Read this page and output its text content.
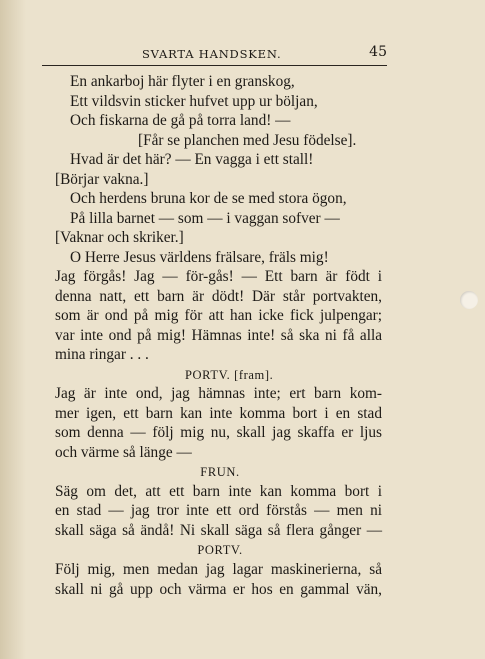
SVARTA HANDSKEN.	45
En ankarboj här flyter i en granskog,
Ett vildsvin sticker hufvet upp ur böljan,
Och fiskarna de gå på torra land! —
[Får se planchen med Jesu födelse].
Hvad är det här? — En vagga i ett stall!
[Börjar vakna.]
Och herdens bruna kor de se med stora ögon,
På lilla barnet — som — i vaggan sofver —
[Vaknar och skriker.]
O Herre Jesus världens frälsare, fräls mig!
Jag förgås! Jag — för-gås! — Ett barn är födt i
denna natt, ett barn är dödt! Där står portvakten,
som är ond på mig för att han icke fick julpengar;
var inte ond på mig! Hämnas inte! så ska ni få alla
mina ringar . . .
PORTV. [fram].
Jag är inte ond, jag hämnas inte; ert barn kom-
mer igen, ett barn kan inte komma bort i en stad
som denna — följ mig nu, skall jag skaffa er ljus
och värme så länge —
FRUN.
Säg om det, att ett barn inte kan komma bort i
en stad — jag tror inte ett ord förstås — men ni
skall säga så ändå! Ni skall säga så flera gånger —
PORTV.
Följ mig, men medan jag lagar maskinerierna, så
skall ni gå upp och värma er hos en gammal vän,
